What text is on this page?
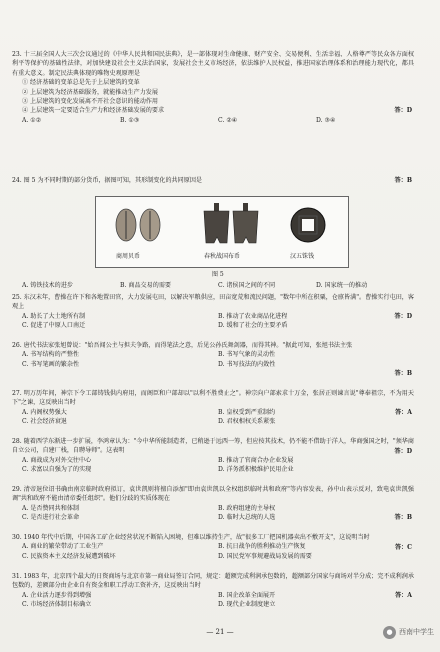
23. 十三届全国人大三次会议通过的《中华人民共和国民法典》，是一部体现对生命健康、财产安全、交易便利、生活幸福、人格尊严等民众各方面权利平等保护的基础性法律，对加快建设社会主义法治国家，发展社会主义市场经济，依法维护人民权益，推进国家治理体系和治理能力现代化，都具有重大意义。制定民法典体现的唯物史观原理是

① 经济基础的变革总是先于上层建筑的变革
② 上层建筑为经济基础服务，就能推动生产力发展
③ 上层建筑的变化发展离不开社会意识的能动作用
④ 上层建筑一定要适合生产力和经济基础发展的要求
A. ①②	B. ①③	C. ②④	D. ③④
答：D

24. 图 5 为不同时期的部分货币，据图可知，其形制变化的共同原因是	答：B
商周贝币	春秋战国布币	汉五铢钱
图 5
A. 铸铁技术的进步	B. 商品交易的需要	C. 诸侯国之间的不同	D. 国家统一的推动

25. 东汉末年，曹操在许下和各地置田官，大力发展屯田，以解决军粮供应，田亩宽荒和流民问题，"数年中所在积粟，仓廪皆满"。曹操实行屯田，客观上

A. 助长了大土地所有制	B. 推动了农业商品化进程
C. 促进了中原人口南迁	D. 缓和了社会的主要矛盾
答：D

26. 唐代书法家张旭曾说："始吾闻公主与担夫争路，而得笔法之意，后见公孙氏舞剑器，而得其神。"据此可知，张旭书法主张

A. 书写结构的严整性	B. 书写气象的灵动性
C. 书写笔画的繁杂性	D. 书写技法的内敛性
答：B

27. 明万历年间，神宗下令工部铸钱供内府用，而阁臣和户部却以"以利不胜费止之"。神宗向户部索求十万金，张居正则谏言说"尊奉祖宗，不为用天下"之谏，这反映出当时

A. 内阁权势强大	B. 皇权受到严重制约
C. 社会经济衰退	D. 君权相权关系紧张
答：A

28. 随着西学东渐进一步扩展，李鸿章认为："今中华所能制造者，已稍逊于远西一筹，但应按其技术，仍不能不借助于洋人，华商强国之时，"须华商自立公司，自建厂栈，自聘导师"。这表明

A. 商战成为对外交往中心	B. 推动了官商合办企业发展
C. 求富以自强为了的实现	D. 洋务派积极维护民用企业
答：D

29. 清帝退位诏书确由南京临时政府拟订，袁世凯则将擅自添加"即由袁世凯以全权组织临时共和政府"等内容发表，孙中山表示反对，致电袁世凯强调"共和政府不能由清帝委任组织"。他们分歧的实质体现在

A. 是否赞同共和体制	B. 政府组建的主导权
C. 是否进行社会革命	D. 临时大总统的人选	答：B

30. 1940 年代中后期，中国各工矿企业经营状况不断陷入困境，但难以维持生产，故"很多工厂把国机器卖出不敷开支"，这说明当时

A. 商业的繁荣带动了工业生产	B. 抗日战争的胜利推动生产恢复
C. 民族资本主义经济发展遭到破坏	D. 国民党军事规避战局发展的需要
答：C

31. 1983 年，北京四个最大的日资商场与北京市第一商业局签订合同，规定：超额完成利润承包数的，超额部分国家与商场对半分成；完不成利润承包数的，差额部分由企业自有资金和职工浮动工资补齐，这反映出当时

A. 企业活力逐步得到增强	B. 国企改革全面展开
C. 市场经济体制目标确立	D. 现代企业制度建立
答：A
— 21 —	● 西南中学生
